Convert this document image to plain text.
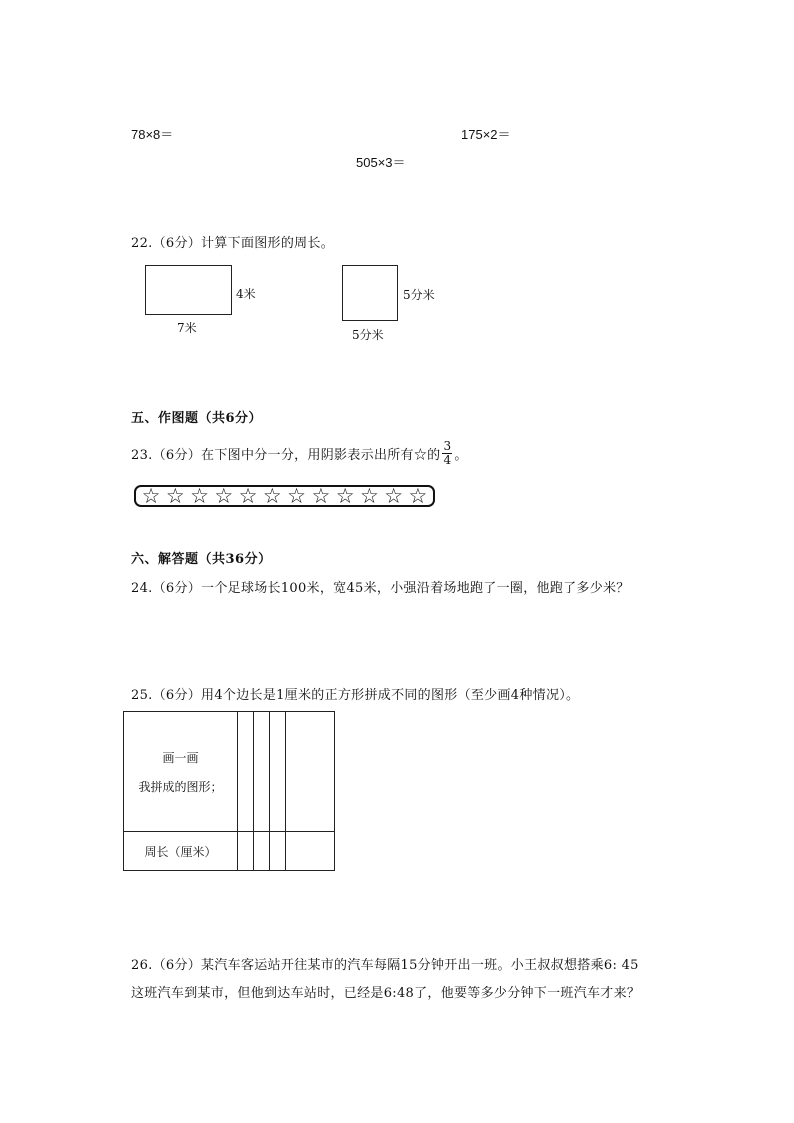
78×8＝	175×2＝
505×3＝
22.（6分）计算下面图形的周长。
4米
7米
5分米
5分米
五、作图题（共6分）
23.（6分）在下图中分一分，用阴影表示出所有☆的 $\frac{3}{4}$ 。
☆ ☆ ☆ ☆ ☆ ☆ ☆ ☆ ☆ ☆ ☆ ☆
六、解答题（共36分）
24.（6分）一个足球场长100米，宽45米，小强沿着场地跑了一圈，他跑了多少米？
25.（6分）用4个边长是1厘米的正方形拼成不同的图形（至少画4种情况）。
画一画
我拼成的图形；				

周长（厘米）				
26.（6分）某汽车客运站开往某市的汽车每隔15分钟开出一班。小王叔叔想搭乘6: 45
这班汽车到某市，但他到达车站时，已经是6:48了，他要等多少分钟下一班汽车才来？
